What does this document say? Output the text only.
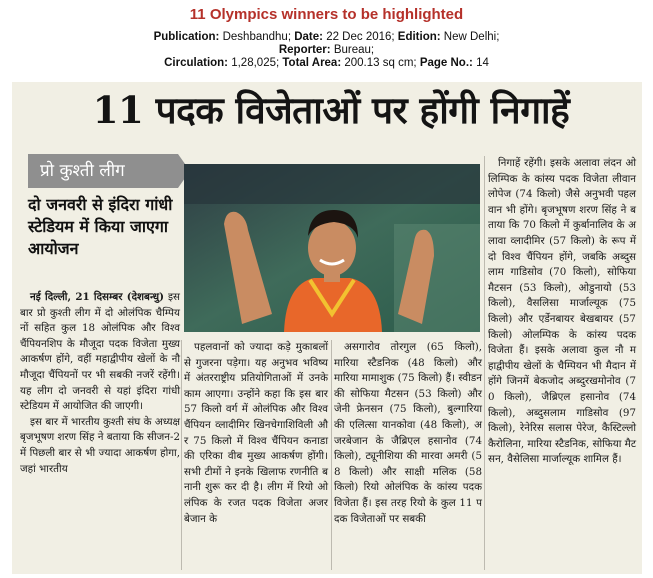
11 Olympics winners to be highlighted
Publication: Deshbandhu; Date: 22 Dec 2016; Edition: New Delhi;
Reporter: Bureau;
Circulation: 1,28,025; Total Area: 200.13 sq cm; Page No.: 14
11 पदक विजेताओं पर होंगी निगाहें
प्रो कुश्ती लीग
दो जनवरी से इंदिरा गांधी स्टेडियम में किया जाएगा आयोजन

नई दिल्ली, 21 दिसम्बर (देशबन्धु) इस बार प्रो कुश्ती लीग में दो ओलंपिक चैम्पियनों सहित कुल 18 ओलंपिक और विश्व चैंपियनशिप के मौजूदा पदक विजेता मुख्य आकर्षण होंगे, वहीं महाद्वीपीय खेलों के नौ मौजूदा चैंपियनों पर भी सबकी नजरें रहेंगी। यह लीग दो जनवरी से यहां इंदिरा गांधी स्टेडियम में आयोजित की जाएगी।

इस बार में भारतीय कुश्ती संघ के अध्यक्ष बृजभूषण शरण सिंह ने बताया कि सीजन-2 में पिछली बार से भी ज्यादा आकर्षण होगा, जहां भारतीय

पहलवानों को ज्यादा कड़े मुकाबलों से गुजरना पड़ेगा। यह अनुभव भविष्य में अंतरराष्ट्रीय प्रतियोगिताओं में उनके काम आएगा। उन्होंने कहा कि इस बार 57 किलो वर्ग में ओलंपिक और विश्व चैंपियन व्लादीमिर खिनचेगाशिविली और 75 किलो में विश्व चैंपियन कनाडा की एरिका वीब मुख्य आकर्षण होंगी। सभी टीमों ने इनके खिलाफ रणनीति बनानी शुरू कर दी है। लीग में रियो ओलंपिक के रजत पदक विजेता अजरबेजान के

असगारोव तोरगुल (65 किलो), मारिया स्टैडनिक (48 किलो) और मारिया मामाशुक (75 किलो) हैं। स्वीडन की सोफिया मैटसन (53 किलो) और जेनी फ्रेनसन (75 किलो), बुल्गारिया की एलित्सा यानकोवा (48 किलो), अजरबेजान के जैब्रिएल हसानोव (74 किलो), ट्यूनीशिया की मारवा अमरी (58 किलो) और साक्षी मलिक (58 किलो) रियो ओलंपिक के कांस्य पदक विजेता हैं। इस तरह रियो के कुल 11 पदक विजेताओं पर सबकी

निगाहें रहेंगी। इसके अलावा लंदन ओलिम्पिक के कांस्य पदक विजेता लीवान लोपेज (74 किलो) जैसे अनुभवी पहलवान भी होंगे। बृजभूषण शरण सिंह ने बताया कि 70 किलो में कुर्बानालिव के अलावा व्लादीमिर (57 किलो) के रूप में दो विश्व चैंपियन होंगे, जबकि अब्दुसलाम गाडिसोव (70 किलो), सोफिया मैटसन (53 किलो), ओडुनायो (53 किलो), वैसलिसा मार्जाल्यूक (75 किलो) और एर्डेनबायर बेखबायर (57 किलो) ओलम्पिक के कांस्य पदक विजेता हैं। इसके अलावा कुल नौ महाद्वीपीय खेलों के चैम्पियन भी मैदान में होंगे जिनमें बेकजोद अब्दुरखमोनोव (70 किलो), जैब्रिएल हसानोव (74 किलो), अब्दुसलाम गाडिसोव (97 किलो), रेनेरिस सलास पेरेज, कैस्टिल्लो कैरोलिना, मारिया स्टैडनिक, सोफिया मैटसन, वैसेलिसा मार्जाल्यूक शामिल हैं।
